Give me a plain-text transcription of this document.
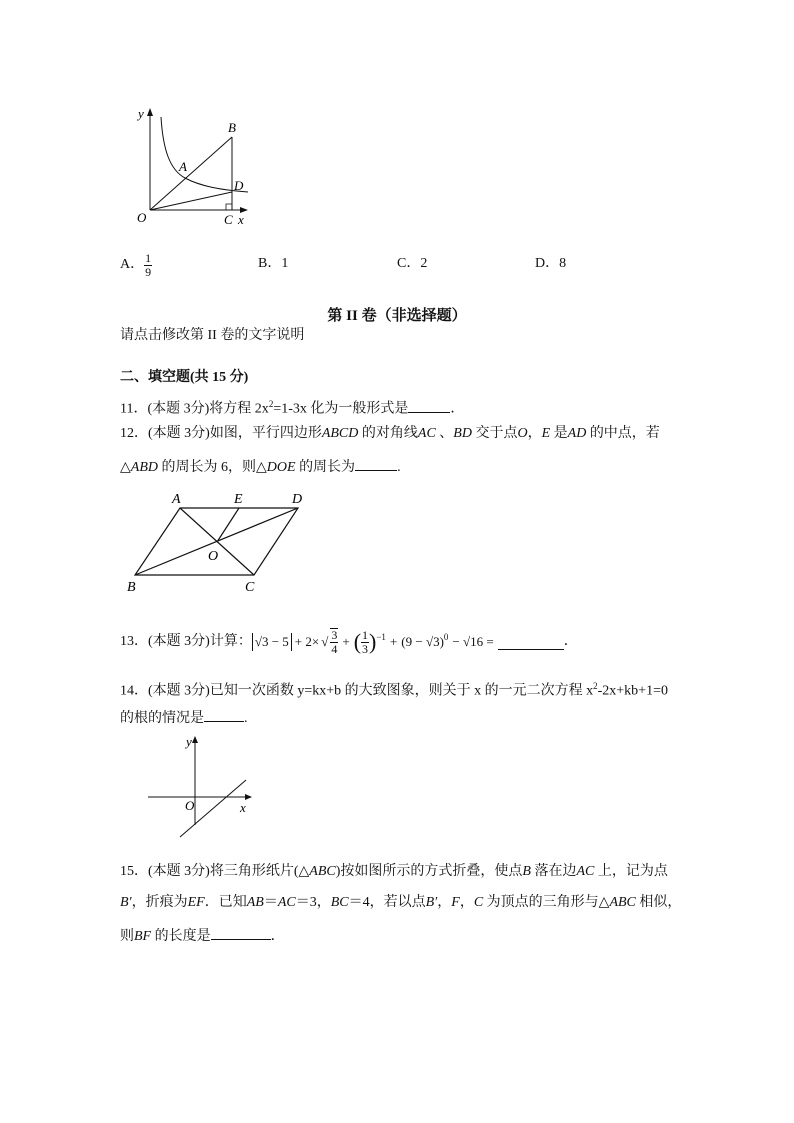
y
B
A
D
O	C x
A． $\frac{1}{9}$	B．1	C．2	D．8
第 II 卷（非选择题）
请点击修改第 II 卷的文字说明
二、填空题(共 15 分)
11．(本题 3分)将方程 $2x^2=1-3x$ 化为一般形式是	．
12．(本题 3分)如图，平行四边形ABCD 的对角线AC 、BD 交于点O，E 是AD 的中点，若
△ABD 的周长为 6，则△DOE 的周长为	.
A	E	D
O
B	C
13．(本题 3分)计算： √3 − 5 + 2× √ $\frac{3}{4}$ + ( $\frac{1}{3} )^{-1} + (9 - √3)^0 - √16$ =	．
14．(本题 3分)已知一次函数 y=kx+b 的大致图象，则关于 x 的一元二次方程 $x^2-2x+kb+1=0$
的根的情况是	.
y
O	x
15．(本题 3分)将三角形纸片(△ABC)按如图所示的方式折叠，使点B 落在边AC 上，记为点
B′，折痕为EF．已知AB＝AC＝3，BC＝4，若以点B′，F，C 为顶点的三角形与△ABC 相似，
则BF 的长度是	．
